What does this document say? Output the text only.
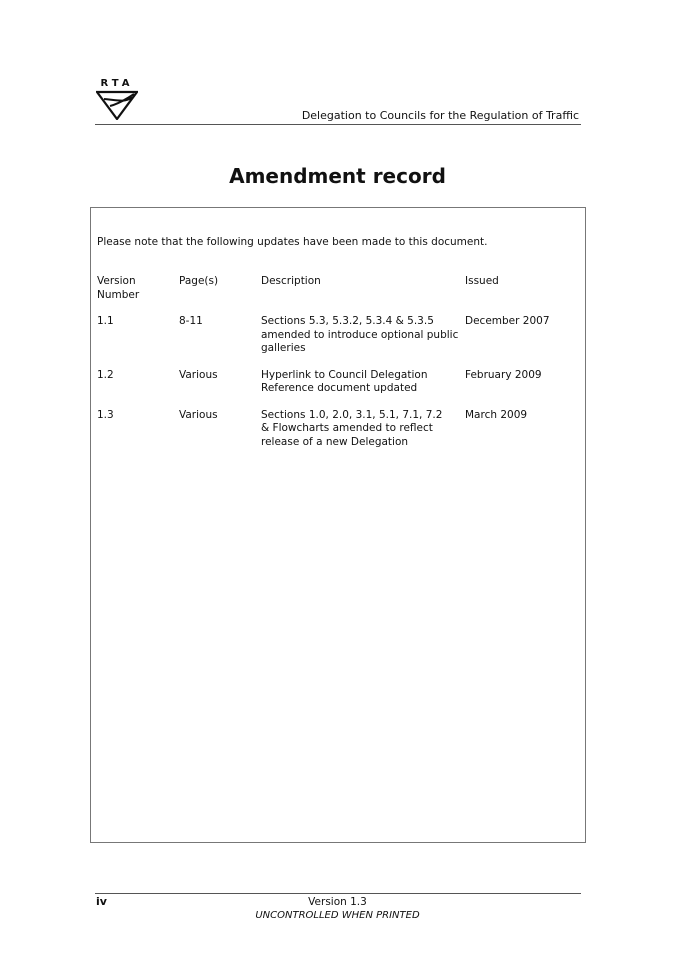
RTA
Delegation to Councils for the Regulation of Traffic
Amendment record
Please note that the following updates have been made to this document.
Version
Number	Page(s)	Description	Issued
1.1	8-11	Sections 5.3, 5.3.2, 5.3.4 & 5.3.5
amended to introduce optional public
galleries	December 2007
1.2	Various	Hyperlink to Council Delegation
Reference document updated	February 2009
1.3	Various	Sections 1.0, 2.0, 3.1, 5.1, 7.1, 7.2
& Flowcharts amended to reflect
release of a new Delegation	March 2009
iv	Version 1.3
UNCONTROLLED WHEN PRINTED
